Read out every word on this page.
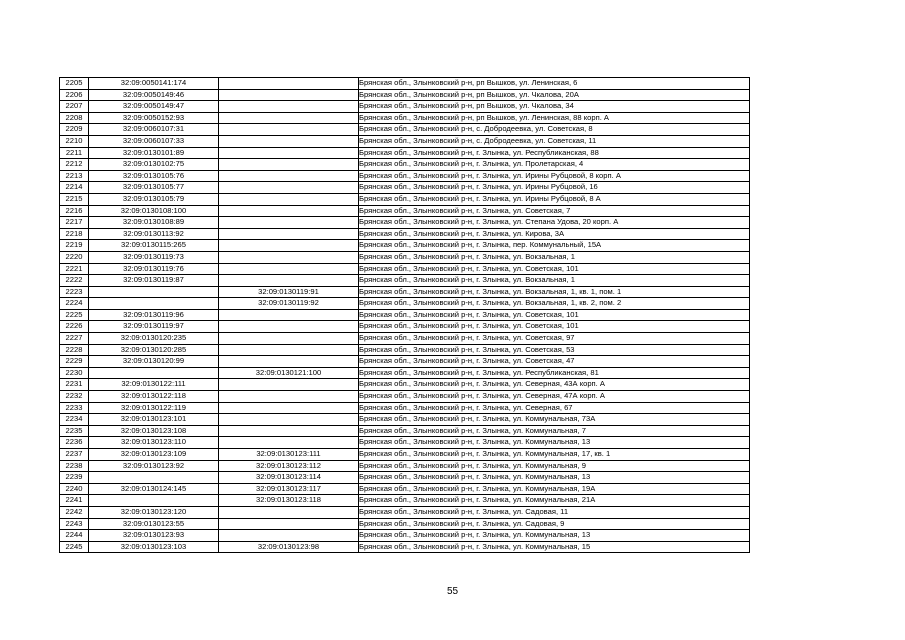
2205	32:09:0050141:174		Брянская обл., Злынковский р-н, рп Вышков, ул. Ленинская, 6
2206	32:09:0050149:46		Брянская обл., Злынковский р-н, рп Вышков, ул. Чкалова, 20А
2207	32:09:0050149:47		Брянская обл., Злынковский р-н, рп Вышков, ул. Чкалова, 34
2208	32:09:0050152:93		Брянская обл., Злынковский р-н, рп Вышков, ул. Ленинская, 88 корп. А
2209	32:09:0060107:31		Брянская обл., Злынковский р-н, с. Добродеевка, ул. Советская, 8
2210	32:09:0060107:33		Брянская обл., Злынковский р-н, с. Добродеевка, ул. Советская, 11
2211	32:09:0130101:89		Брянская обл., Злынковский р-н, г. Злынка, ул. Республиканская, 88
2212	32:09:0130102:75		Брянская обл., Злынковский р-н, г. Злынка, ул. Пролетарская, 4
2213	32:09:0130105:76		Брянская обл., Злынковский р-н, г. Злынка, ул. Ирины Рубцовой, 8 корп. А
2214	32:09:0130105:77		Брянская обл., Злынковский р-н, г. Злынка, ул. Ирины Рубцовой, 16
2215	32:09:0130105:79		Брянская обл., Злынковский р-н, г. Злынка, ул. Ирины Рубцовой, 8 А
2216	32:09:0130108:100		Брянская обл., Злынковский р-н, г. Злынка, ул. Советская, 7
2217	32:09:0130108:89		Брянская обл., Злынковский р-н, г. Злынка, ул. Степана Удова, 20 корп. А
2218	32:09:0130113:92		Брянская обл., Злынковский р-н, г. Злынка, ул. Кирова, 3А
2219	32:09:0130115:265		Брянская обл., Злынковский р-н, г. Злынка, пер. Коммунальный, 15А
2220	32:09:0130119:73		Брянская обл., Злынковский р-н, г. Злынка, ул. Вокзальная, 1
2221	32:09:0130119:76		Брянская обл., Злынковский р-н, г. Злынка, ул. Советская, 101
2222	32:09:0130119:87		Брянская обл., Злынковский р-н, г. Злынка, ул. Вокзальная, 1
2223		32:09:0130119:91	Брянская обл., Злынковский р-н, г. Злынка, ул. Вокзальная, 1, кв. 1, пом. 1
2224		32:09:0130119:92	Брянская обл., Злынковский р-н, г. Злынка, ул. Вокзальная, 1, кв. 2, пом. 2
2225	32:09:0130119:96		Брянская обл., Злынковский р-н, г. Злынка, ул. Советская, 101
2226	32:09:0130119:97		Брянская обл., Злынковский р-н, г. Злынка, ул. Советская, 101
2227	32:09:0130120:235		Брянская обл., Злынковский р-н, г. Злынка, ул. Советская, 97
2228	32:09:0130120:285		Брянская обл., Злынковский р-н, г. Злынка, ул. Советская, 53
2229	32:09:0130120:99		Брянская обл., Злынковский р-н, г. Злынка, ул. Советская, 47
2230		32:09:0130121:100	Брянская обл., Злынковский р-н, г. Злынка, ул. Республиканская, 81
2231	32:09:0130122:111		Брянская обл., Злынковский р-н, г. Злынка, ул. Северная, 43А корп. А
2232	32:09:0130122:118		Брянская обл., Злынковский р-н, г. Злынка, ул. Северная, 47А корп. А
2233	32:09:0130122:119		Брянская обл., Злынковский р-н, г. Злынка, ул. Северная, 67
2234	32:09:0130123:101		Брянская обл., Злынковский р-н, г. Злынка, ул. Коммунальная, 73А
2235	32:09:0130123:108		Брянская обл., Злынковский р-н, г. Злынка, ул. Коммунальная, 7
2236	32:09:0130123:110		Брянская обл., Злынковский р-н, г. Злынка, ул. Коммунальная, 13
2237	32:09:0130123:109	32:09:0130123:111	Брянская обл., Злынковский р-н, г. Злынка, ул. Коммунальная, 17, кв. 1
2238	32:09:0130123:92	32:09:0130123:112	Брянская обл., Злынковский р-н, г. Злынка, ул. Коммунальная, 9
2239		32:09:0130123:114	Брянская обл., Злынковский р-н, г. Злынка, ул. Коммунальная, 13
2240	32:09:0130124:145	32:09:0130123:117	Брянская обл., Злынковский р-н, г. Злынка, ул. Коммунальная, 19А
2241		32:09:0130123:118	Брянская обл., Злынковский р-н, г. Злынка, ул. Коммунальная, 21А
2242	32:09:0130123:120		Брянская обл., Злынковский р-н, г. Злынка, ул. Садовая, 11
2243	32:09:0130123:55		Брянская обл., Злынковский р-н, г. Злынка, ул. Садовая, 9
2244	32:09:0130123:93		Брянская обл., Злынковский р-н, г. Злынка, ул. Коммунальная, 13
2245	32:09:0130123:103	32:09:0130123:98	Брянская обл., Злынковский р-н, г. Злынка, ул. Коммунальная, 15
55
